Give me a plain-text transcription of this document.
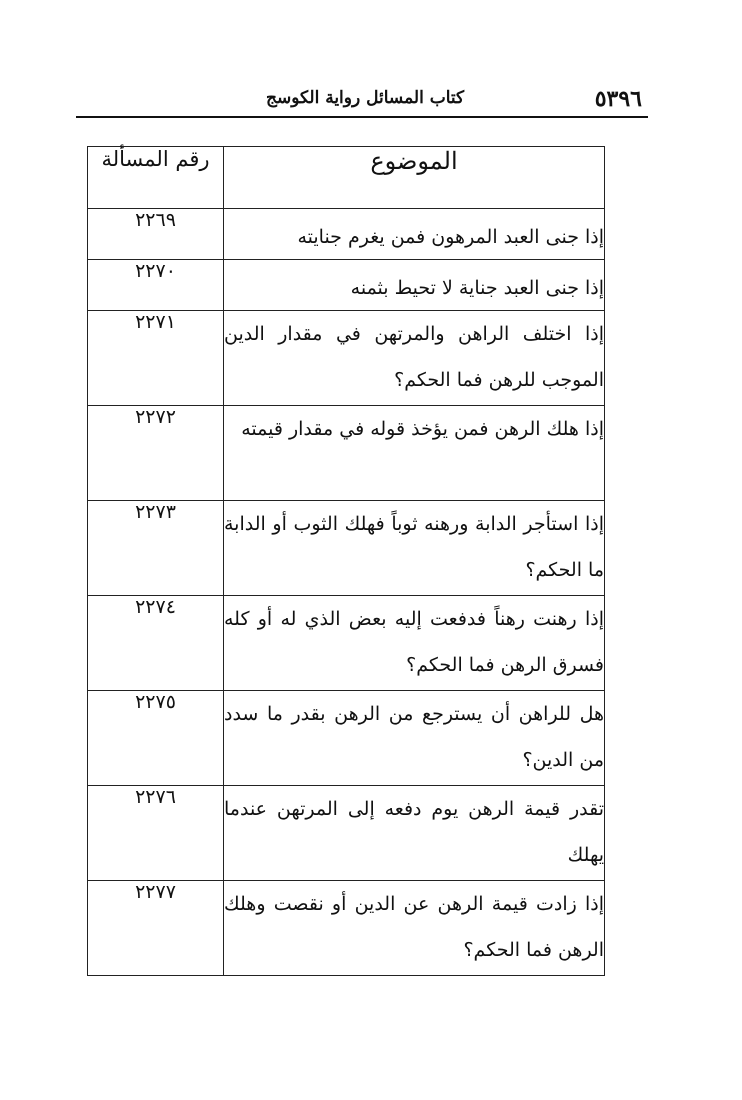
٥٣٩٦
كتاب المسائل رواية الكوسج
الموضوع	رقم المسألة
إذا جنى العبد المرهون فمن يغرم جنايته	٢٢٦٩
إذا جنى العبد جناية لا تحيط بثمنه	٢٢٧٠
إذا اختلف الراهن والمرتهن في مقدار الدين الموجب للرهن فما الحكم؟	٢٢٧١
إذا هلك الرهن فمن يؤخذ قوله في مقدار قيمته	٢٢٧٢
إذا استأجر الدابة ورهنه ثوباً فهلك الثوب أو الدابة ما الحكم؟	٢٢٧٣
إذا رهنت رهناً فدفعت إليه بعض الذي له أو كله فسرق الرهن فما الحكم؟	٢٢٧٤
هل للراهن أن يسترجع من الرهن بقدر ما سدد من الدين؟	٢٢٧٥
تقدر قيمة الرهن يوم دفعه إلى المرتهن عندما يهلك	٢٢٧٦
إذا زادت قيمة الرهن عن الدين أو نقصت وهلك الرهن فما الحكم؟	٢٢٧٧
